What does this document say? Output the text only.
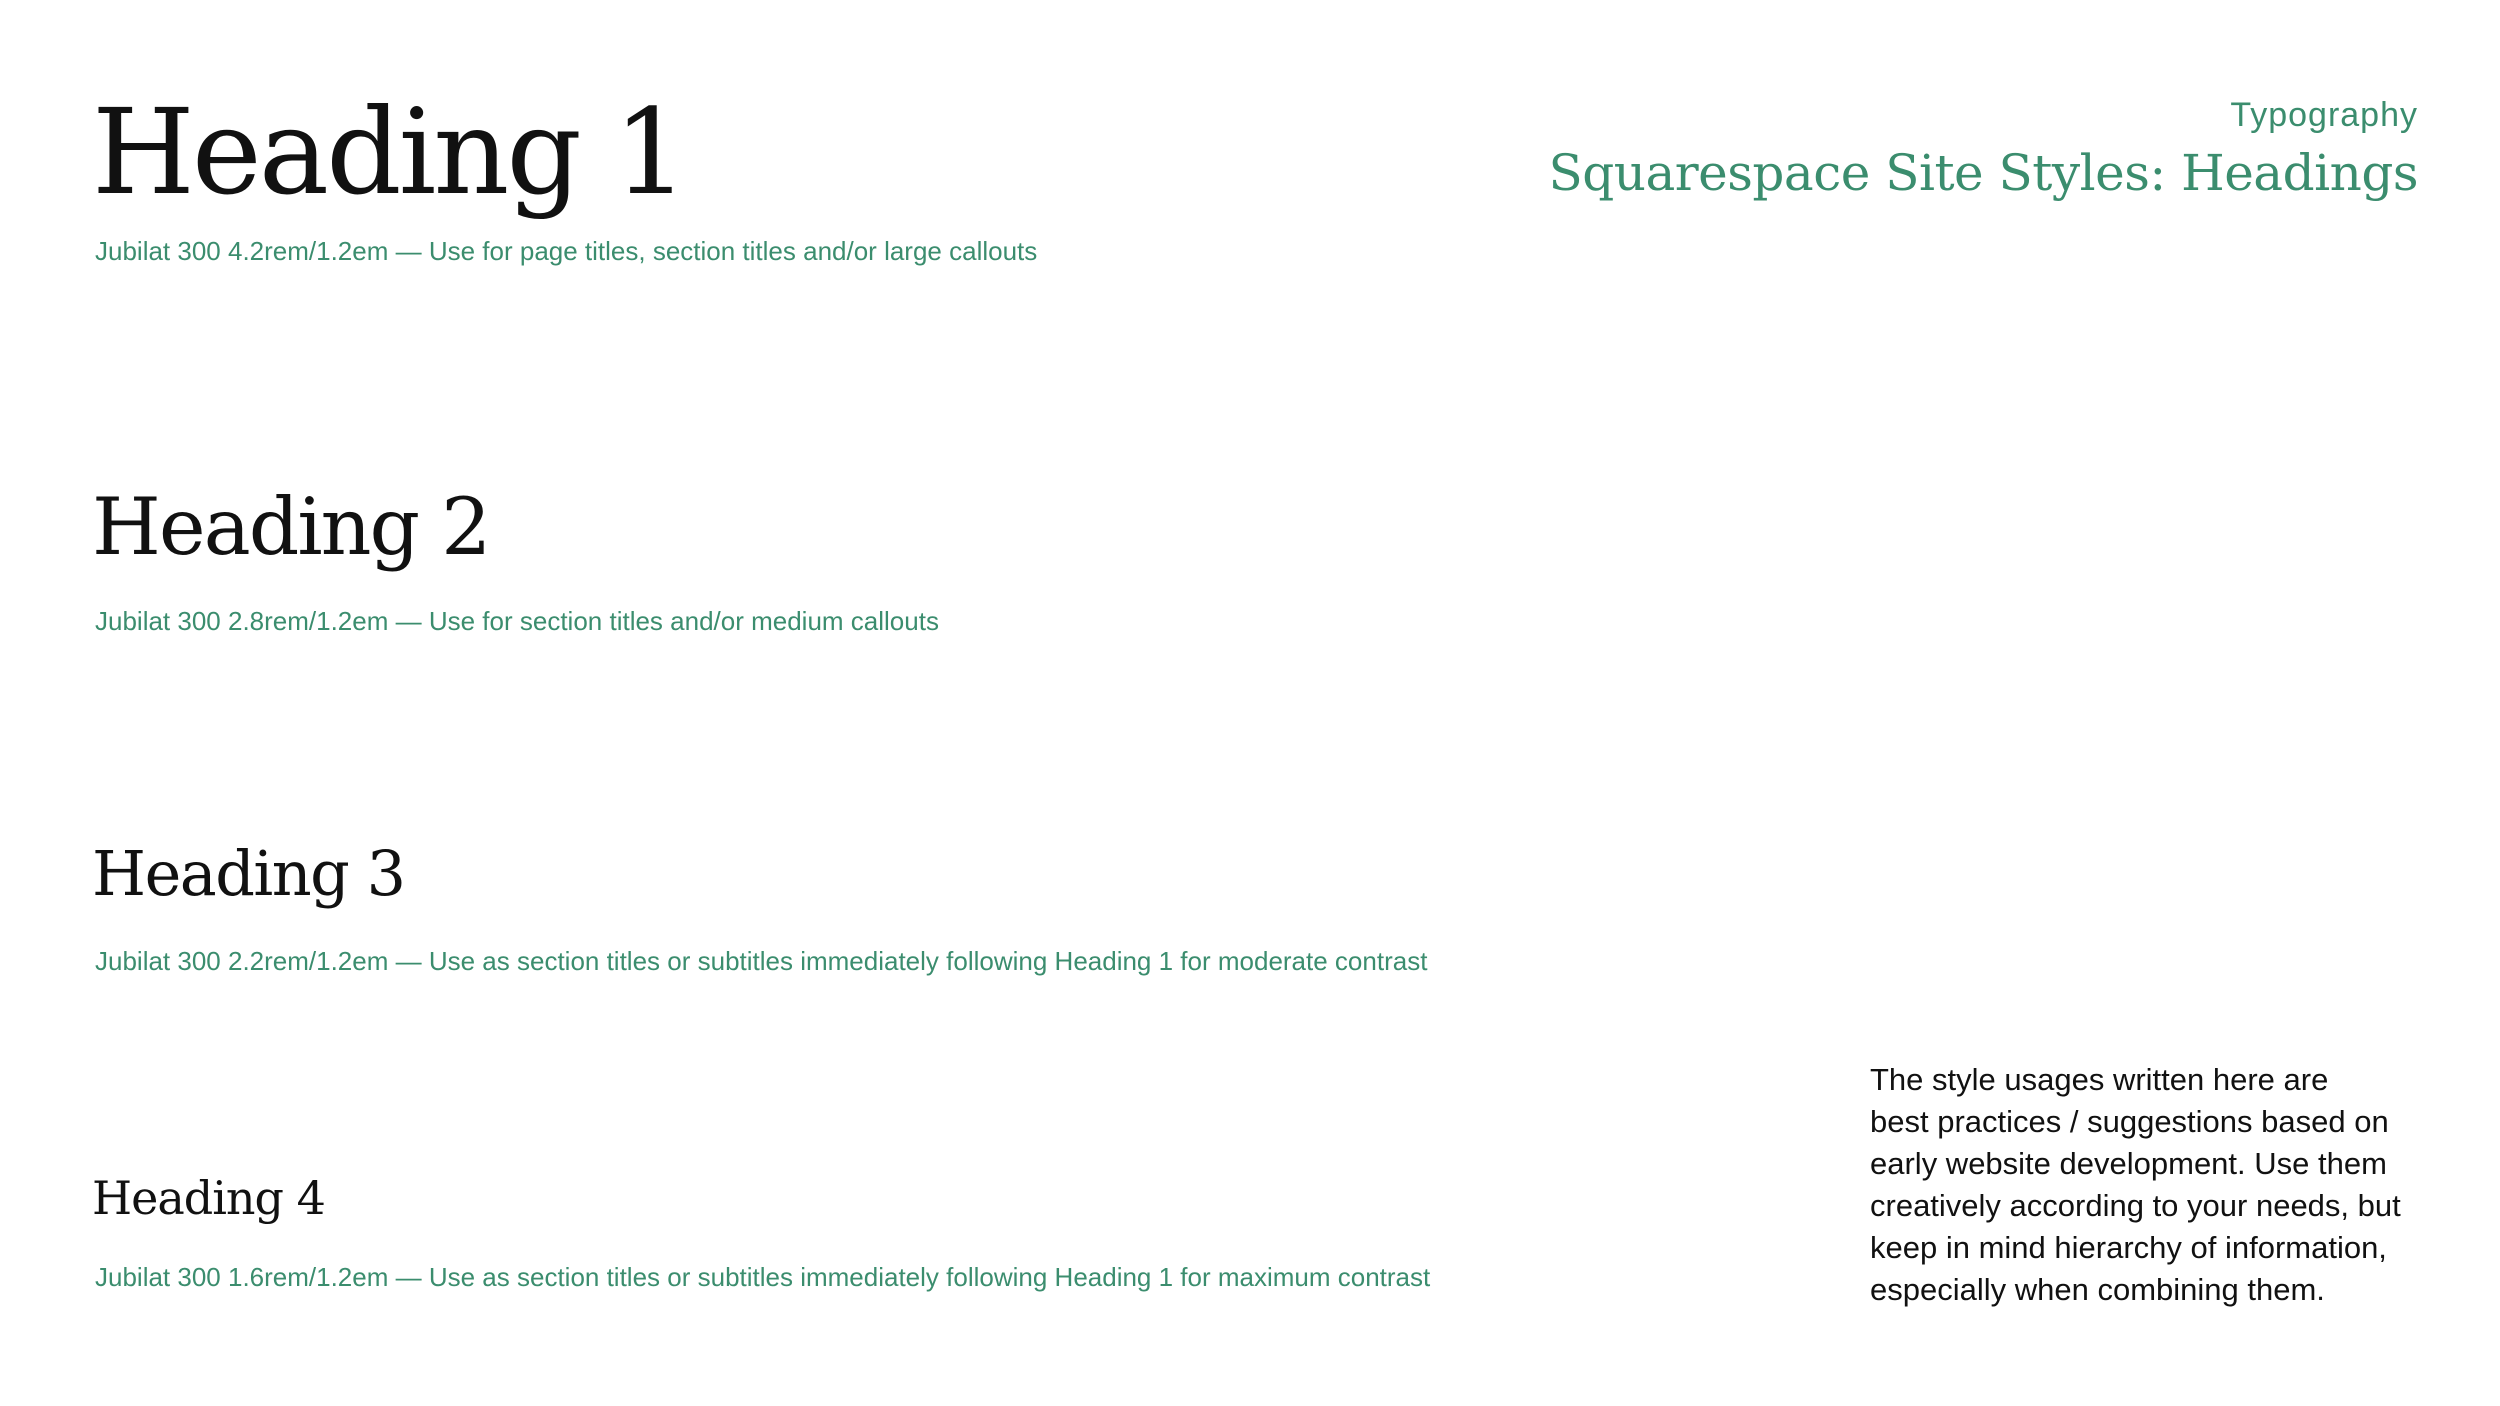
Typography
Squarespace Site Styles: Headings
Heading 1

Jubilat 300 4.2rem/1.2em — Use for page titles, section titles and/or large callouts

Heading 2

Jubilat 300 2.8rem/1.2em — Use for section titles and/or medium callouts

Heading 3

Jubilat 300 2.2rem/1.2em — Use as section titles or subtitles immediately following Heading 1 for moderate contrast

Heading 4

Jubilat 300 1.6rem/1.2em — Use as section titles or subtitles immediately following Heading 1 for maximum contrast

The style usages written here are
best practices / suggestions based on
early website development. Use them
creatively according to your needs, but
keep in mind hierarchy of information,
especially when combining them.
